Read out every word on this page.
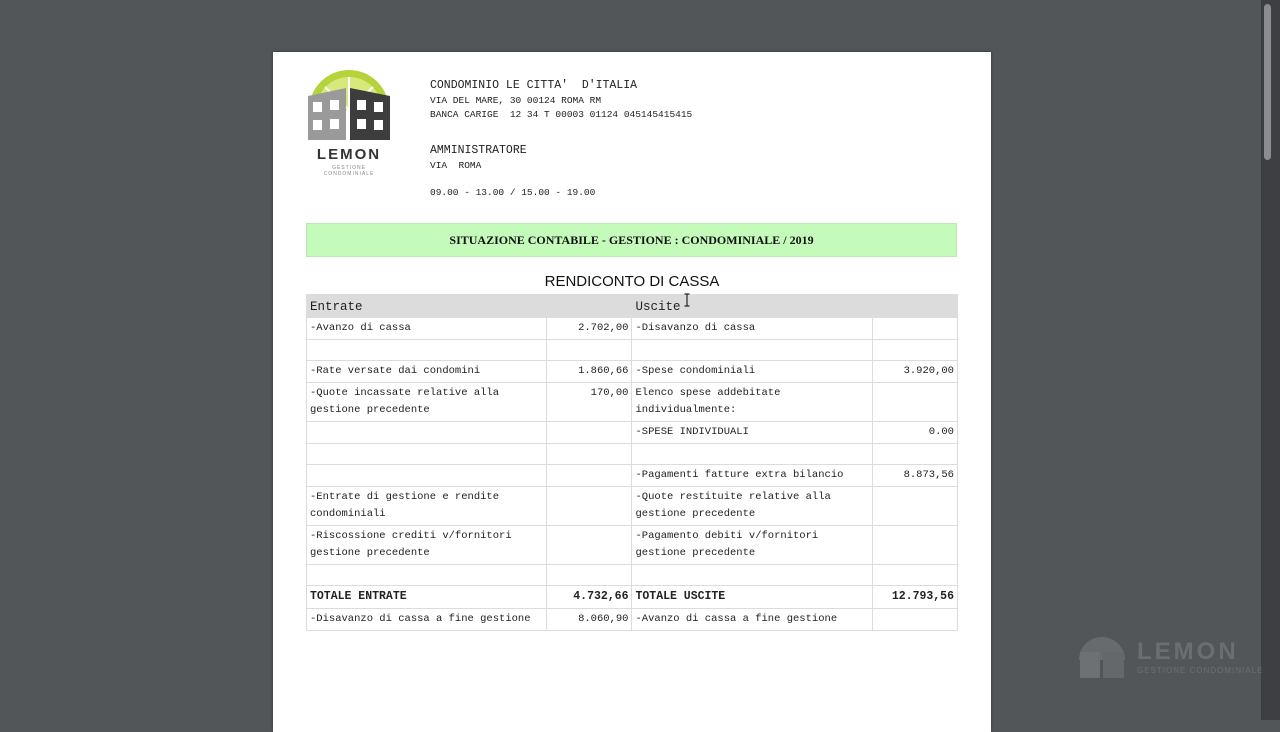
LEMON
GESTIONE CONDOMINIALE
CONDOMINIO LE CITTA'  D'ITALIA
VIA DEL MARE, 30 00124 ROMA RM
BANCA CARIGE  12 34 T 00003 01124 045145415415
AMMINISTRATORE
VIA  ROMA
09.00 - 13.00 / 15.00 - 19.00
SITUAZIONE CONTABILE - GESTIONE : CONDOMINIALE / 2019
RENDICONTO DI CASSA
Entrate		Uscite	
-Avanzo di cassa	2.702,00	-Disavanzo di cassa	

-Rate versate dai condomini	1.860,66	-Spese condominiali	3.920,00
-Quote incassate relative alla gestione precedente	170,00	Elenco spese addebitate individualmente:	
		-SPESE INDIVIDUALI	0.00

		-Pagamenti fatture extra bilancio	8.873,56
-Entrate di gestione e rendite condominiali		-Quote restituite relative alla gestione precedente	
-Riscossione crediti v/fornitori gestione precedente		-Pagamento debiti v/fornitori gestione precedente	

TOTALE ENTRATE	4.732,66	TOTALE USCITE	12.793,56
-Disavanzo di cassa a fine gestione	8.060,90	-Avanzo di cassa a fine gestione	
LEMON
GESTIONE CONDOMINIALE
